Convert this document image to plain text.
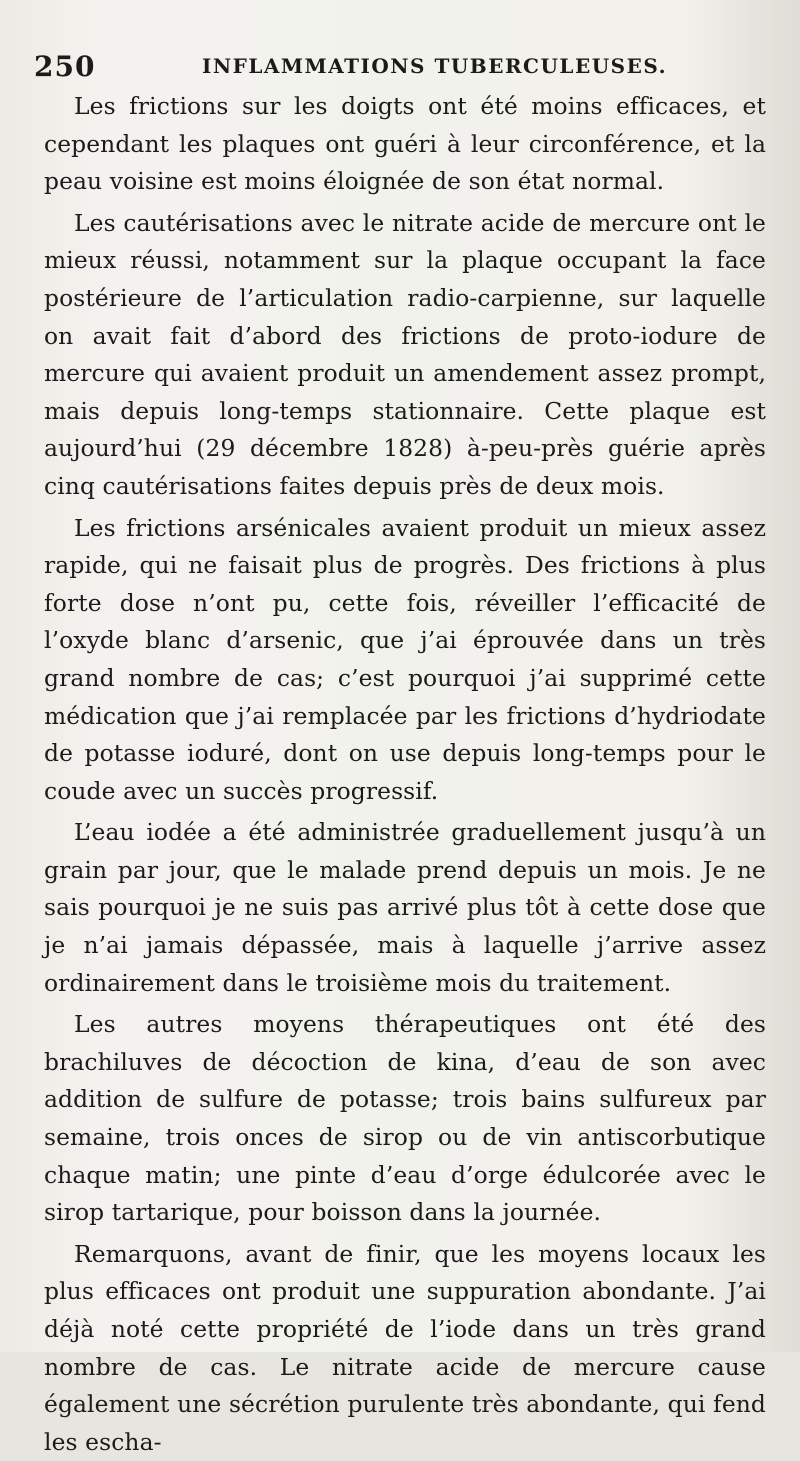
250	INFLAMMATIONS TUBERCULEUSES.

Les frictions sur les doigts ont été moins efficaces, et cependant les plaques ont guéri à leur circonférence, et la peau voisine est moins éloignée de son état normal.

Les cautérisations avec le nitrate acide de mercure ont le mieux réussi, notamment sur la plaque occupant la face postérieure de l’articulation radio-carpienne, sur laquelle on avait fait d’abord des frictions de proto-iodure de mercure qui avaient produit un amendement assez prompt, mais depuis long-temps stationnaire. Cette plaque est aujourd’hui (29 décembre 1828) à-peu-près guérie après cinq cautérisations faites depuis près de deux mois.

Les frictions arsénicales avaient produit un mieux assez rapide, qui ne faisait plus de progrès. Des frictions à plus forte dose n’ont pu, cette fois, réveiller l’efficacité de l’oxyde blanc d’arsenic, que j’ai éprouvée dans un très grand nombre de cas; c’est pourquoi j’ai supprimé cette médication que j’ai remplacée par les frictions d’hydriodate de potasse ioduré, dont on use depuis long-temps pour le coude avec un succès progressif.

L’eau iodée a été administrée graduellement jusqu’à un grain par jour, que le malade prend depuis un mois. Je ne sais pourquoi je ne suis pas arrivé plus tôt à cette dose que je n’ai jamais dépassée, mais à laquelle j’arrive assez ordinairement dans le troisième mois du traitement.

Les autres moyens thérapeutiques ont été des brachiluves de décoction de kina, d’eau de son avec addition de sulfure de potasse; trois bains sulfureux par semaine, trois onces de sirop ou de vin antiscorbutique chaque matin; une pinte d’eau d’orge édulcorée avec le sirop tartarique, pour boisson dans la journée.

Remarquons, avant de finir, que les moyens locaux les plus efficaces ont produit une suppuration abondante. J’ai déjà noté cette propriété de l’iode dans un très grand nombre de cas. Le nitrate acide de mercure cause également une sécrétion purulente très abondante, qui fend les escha-
